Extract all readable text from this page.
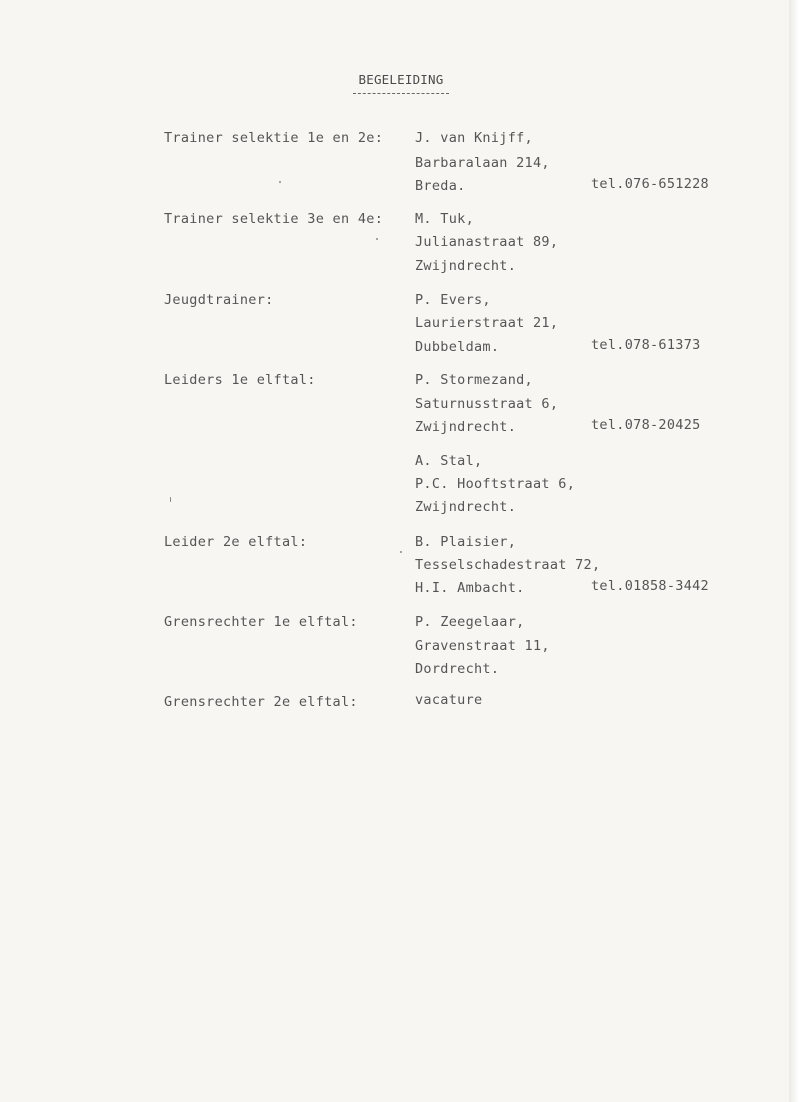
BEGELEIDING
Trainer selektie 1e en 2e: J. van Knijff,
Barbaralaan 214,
Breda.	tel.076-651228
Trainer selektie 3e en 4e: M. Tuk,
Julianastraat 89,
Zwijndrecht.
Jeugdtrainer:	P. Evers,
Laurierstraat 21,
Dubbeldam.	tel.078-61373
Leiders 1e elftal:	P. Stormezand,
Saturnusstraat 6,
Zwijndrecht.	tel.078-20425
A. Stal,
P.C. Hooftstraat 6,
Zwijndrecht.
Leider 2e elftal:	B. Plaisier,
Tesselschadestraat 72,
H.I. Ambacht.	tel.01858-3442
Grensrechter 1e elftal:	P. Zeegelaar,
Gravenstraat 11,
Dordrecht.
Grensrechter 2e elftal:	vacature
